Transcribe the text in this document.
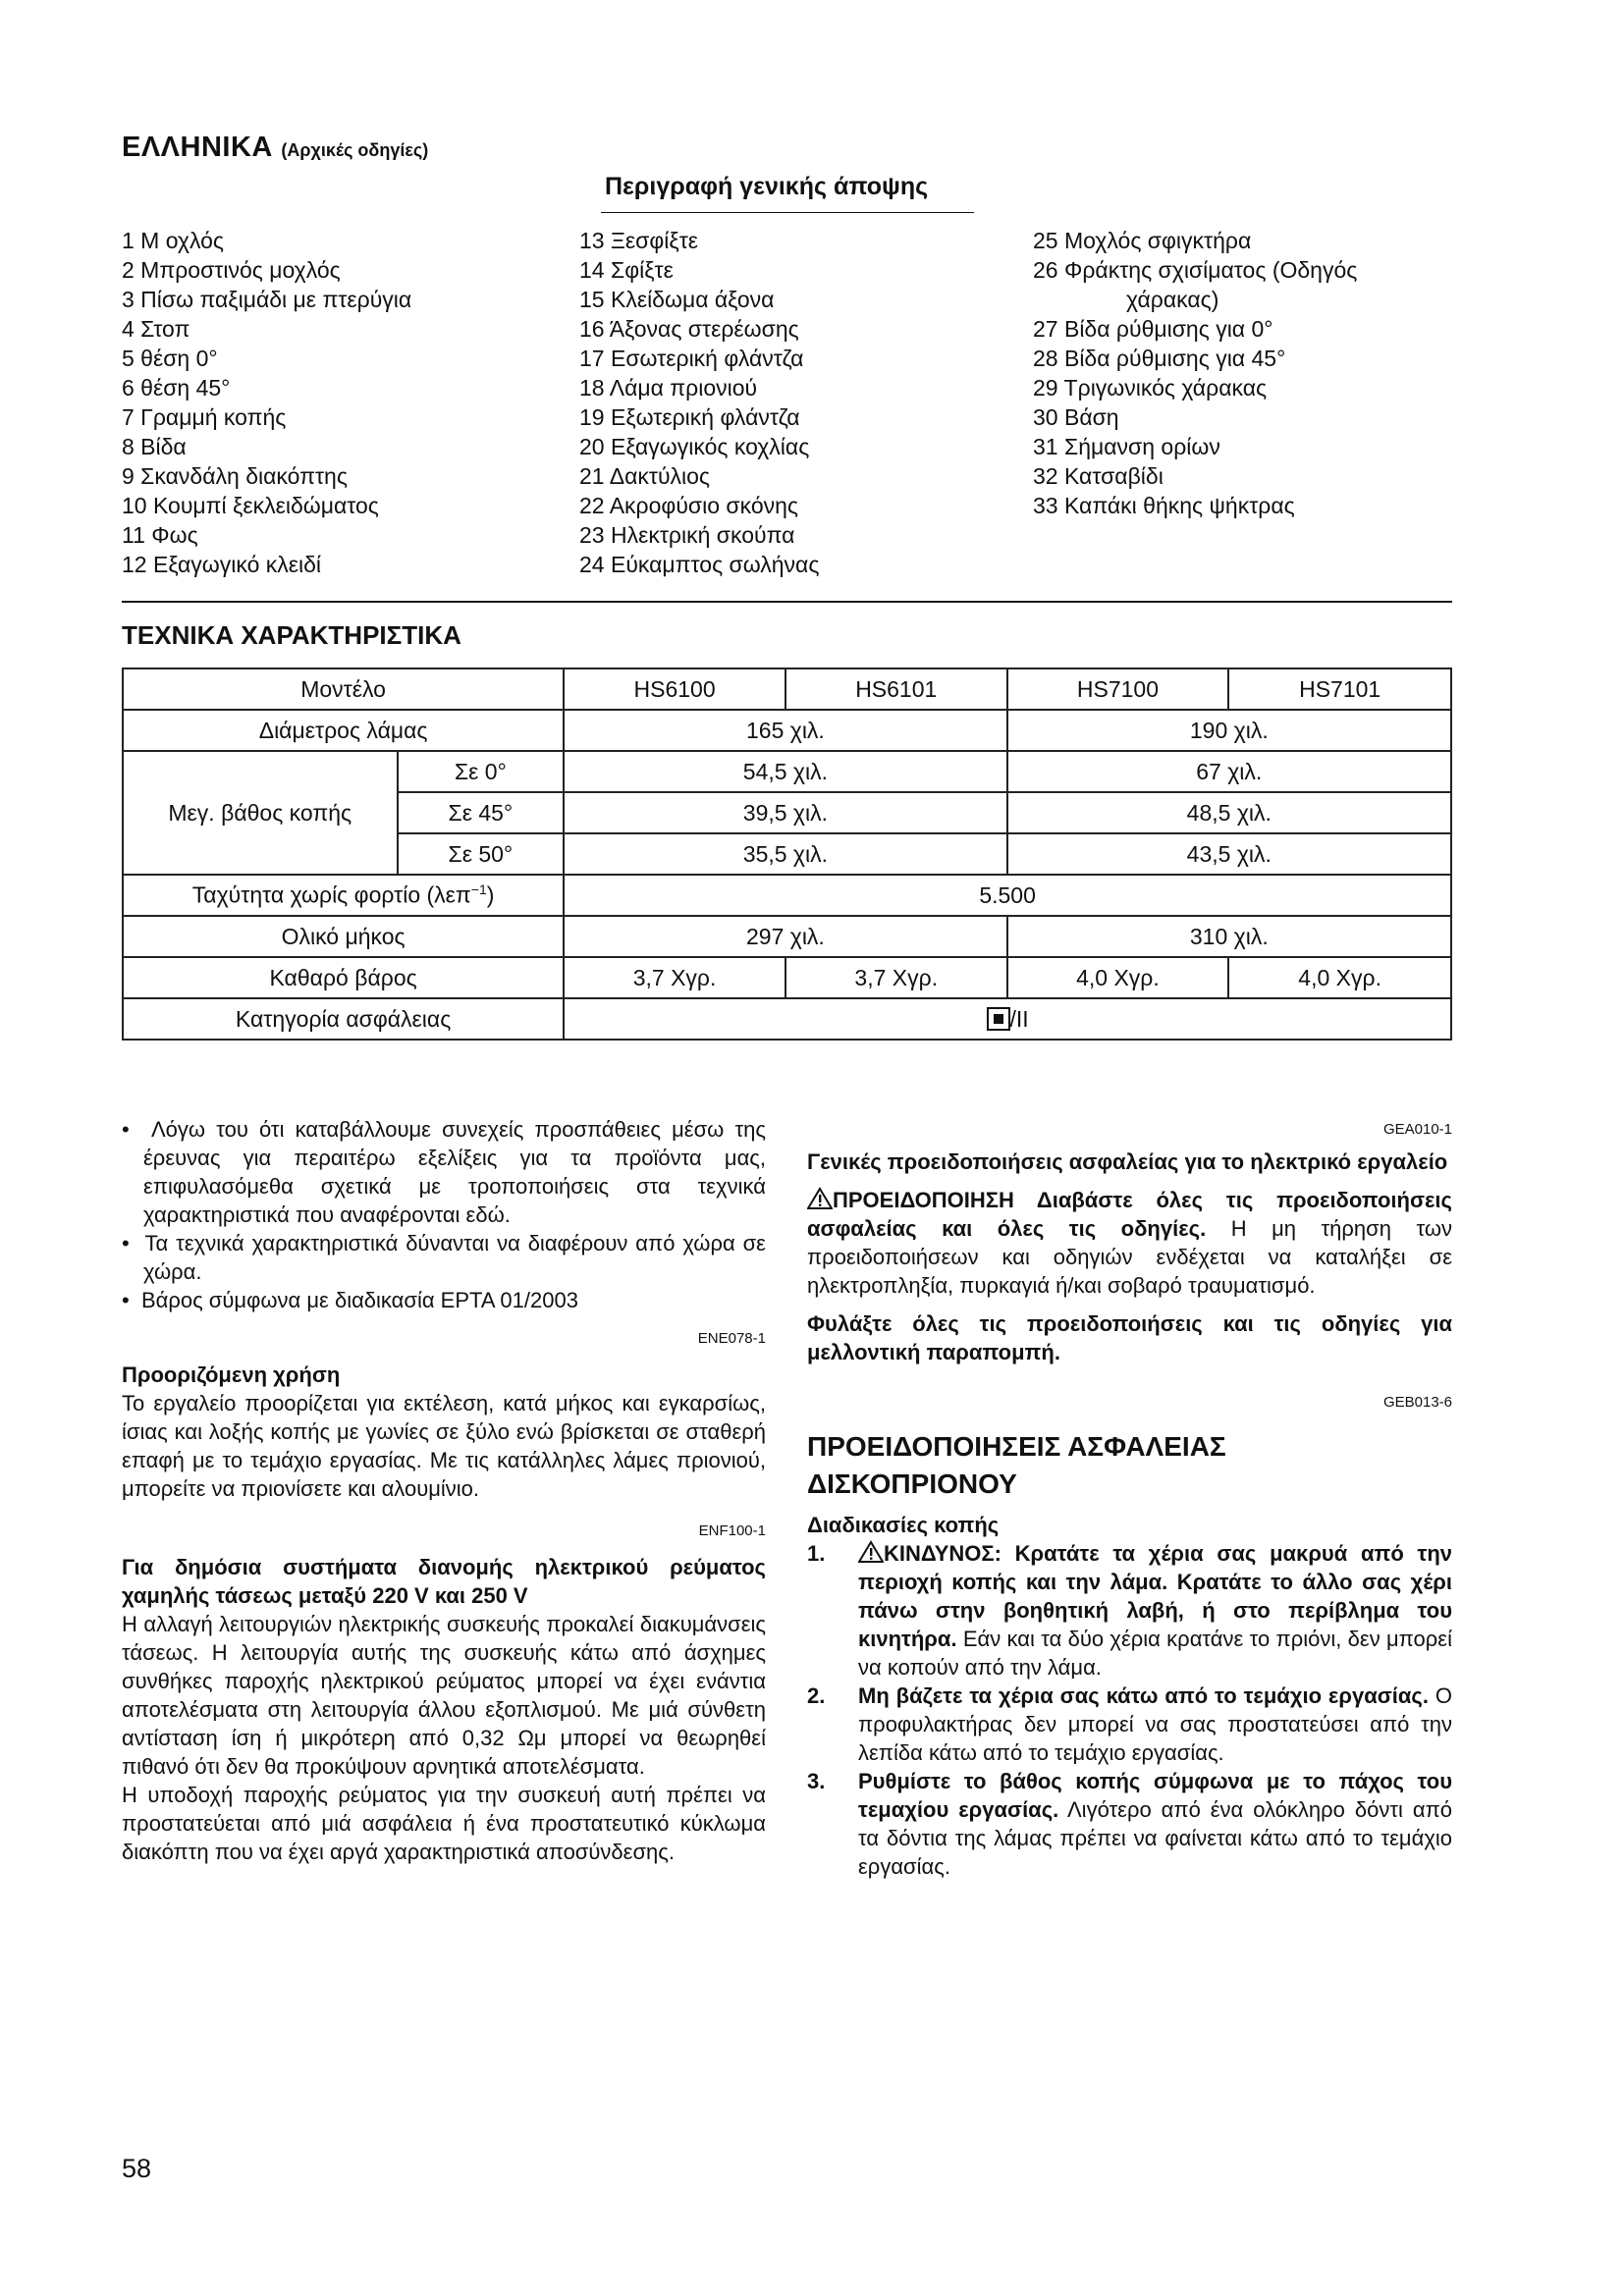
ΕΛΛΗΝΙΚΑ (Αρχικές οδηγίες)
Περιγραφή γενικής άποψης
1 Μ οχλός
2 Μπροστινός μοχλός
3 Πίσω παξιμάδι με πτερύγια
4 Στοπ
5 θέση 0°
6 θέση 45°
7 Γραμμή κοπής
8 Βίδα
9 Σκανδάλη διακόπτης
10 Κουμπί ξεκλειδώματος
11 Φως
12 Εξαγωγικό κλειδί
13 Ξεσφίξτε
14 Σφίξτε
15 Κλείδωμα άξονα
16 Άξονας στερέωσης
17 Εσωτερική φλάντζα
18 Λάμα πριονιού
19 Εξωτερική φλάντζα
20 Εξαγωγικός κοχλίας
21 Δακτύλιος
22 Ακροφύσιο σκόνης
23 Ηλεκτρική σκούπα
24 Εύκαμπτος σωλήνας
25 Μοχλός σφιγκτήρα
26 Φράκτης σχισίματος (Οδηγός
χάρακας)
27 Βίδα ρύθμισης για 0°
28 Βίδα ρύθμισης για 45°
29 Τριγωνικός χάρακας
30 Βάση
31 Σήμανση ορίων
32 Κατσαβίδι
33 Καπάκι θήκης ψήκτρας
ΤΕΧΝΙΚΑ ΧΑΡΑΚΤΗΡΙΣΤΙΚΑ
Μοντέλο		HS6100	HS6101	HS7100	HS7101
Διάμετρος λάμας		165 χιλ.		190 χιλ.	
Μεγ. βάθος κοπής	Σε 0°	54,5 χιλ.		67 χιλ.	
	Σε 45°	39,5 χιλ.		48,5 χιλ.	
	Σε 50°	35,5 χιλ.		43,5 χιλ.	
Ταχύτητα χωρίς φορτίο (λεπ$^{-1}$)		5.500			
Ολικό μήκος		297 χιλ.		310 χιλ.	
Καθαρό βάρος		3,7 Χγρ.	3,7 Χγρ.	4,0 Χγρ.	4,0 Χγρ.
Κατηγορία ασφάλειας		/II			

•  Λόγω του ότι καταβάλλουμε συνεχείς προσπάθειες μέσω της έρευνας για περαιτέρω εξελίξεις για τα προϊόντα μας, επιφυλασόμεθα σχετικά με τροποποιήσεις στα τεχνικά χαρακτηριστικά που αναφέρονται εδώ.

•  Τα τεχνικά χαρακτηριστικά δύνανται να διαφέρουν από χώρα σε χώρα.

•  Βάρος σύμφωνα με διαδικασία EPTA 01/2003

ENE078-1

Προοριζόμενη χρήση

Το εργαλείο προορίζεται για εκτέλεση, κατά μήκος και εγκαρσίως, ίσιας και λοξής κοπής με γωνίες σε ξύλο ενώ βρίσκεται σε σταθερή επαφή με το τεμάχιο εργασίας. Με τις κατάλληλες λάμες πριονιού, μπορείτε να πριονίσετε και αλουμίνιο.

ENF100-1

Για δημόσια συστήματα διανομής ηλεκτρικού ρεύματος χαμηλής τάσεως μεταξύ 220 V και 250 V

Η αλλαγή λειτουργιών ηλεκτρικής συσκευής προκαλεί διακυμάνσεις τάσεως. Η λειτουργία αυτής της συσκευής κάτω από άσχημες συνθήκες παροχής ηλεκτρικού ρεύματος μπορεί να έχει ενάντια αποτελέσματα στη λειτουργία άλλου εξοπλισμού. Με μιά σύνθετη αντίσταση ίση ή μικρότερη από 0,32 Ωμ μπορεί να θεωρηθεί πιθανό ότι δεν θα προκύψουν αρνητικά αποτελέσματα.

Η υποδοχή παροχής ρεύματος για την συσκευή αυτή πρέπει να προστατεύεται από μιά ασφάλεια ή ένα προστατευτικό κύκλωμα διακόπτη που να έχει αργά χαρακτηριστικά αποσύνδεσης.

GEA010-1

Γενικές προειδοποιήσεις ασφαλείας για το ηλεκτρικό εργαλείο

ΠΡΟΕΙΔΟΠΟΙΗΣΗ Διαβάστε όλες τις προειδοποιήσεις ασφαλείας και όλες τις οδηγίες. Η μη τήρηση των προειδοποιήσεων και οδηγιών ενδέχεται να καταλήξει σε ηλεκτροπληξία, πυρκαγιά ή/και σοβαρό τραυματισμό.

Φυλάξτε όλες τις προειδοποιήσεις και τις οδηγίες για μελλοντική παραπομπή.

GEB013-6

ΠΡΟΕΙΔΟΠΟΙΗΣΕΙΣ ΑΣΦΑΛΕΙΑΣ
ΔΙΣΚΟΠΡΙΟΝΟΥ

Διαδικασίες κοπής

1.	ΚΙΝΔΥΝΟΣ: Κρατάτε τα χέρια σας μακρυά από την περιοχή κοπής και την λάμα. Κρατάτε το άλλο σας χέρι πάνω στην βοηθητική λαβή, ή στο περίβλημα του κινητήρα. Εάν και τα δύο χέρια κρατάνε το πριόνι, δεν μπορεί να κοπούν από την λάμα.
2.	Μη βάζετε τα χέρια σας κάτω από το τεμάχιο εργασίας. Ο προφυλακτήρας δεν μπορεί να σας προστατεύσει από την λεπίδα κάτω από το τεμάχιο εργασίας.
3.	Ρυθμίστε το βάθος κοπής σύμφωνα με το πάχος του τεμαχίου εργασίας. Λιγότερο από ένα ολόκληρο δόντι από τα δόντια της λάμας πρέπει να φαίνεται κάτω από το τεμάχιο εργασίας.
58
